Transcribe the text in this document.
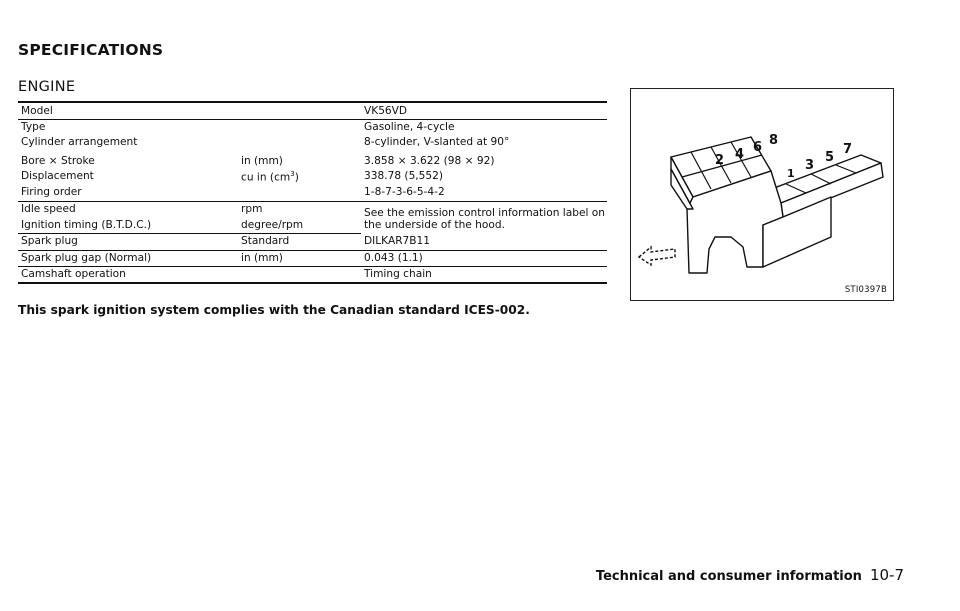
SPECIFICATIONS
ENGINE
Model		VK56VD
Type		Gasoline, 4-cycle
Cylinder arrangement		8-cylinder, V-slanted at 90°
Bore × Stroke	in (mm)	3.858 × 3.622 (98 × 92)
Displacement	cu in $(cm^3)$	338.78 (5,552)
Firing order		1-8-7-3-6-5-4-2
Idle speed	rpm	See the emission control information label on the underside of the hood.
Ignition timing (B.T.D.C.)	degree/rpm	
Spark plug	Standard	DILKAR7B11
Spark plug gap (Normal)	in (mm)	0.043 (1.1)
Camshaft operation		Timing chain
This spark ignition system complies with the Canadian standard ICES-002.
2 4 6 8
1
3
5
7
STI0397B
Technical and consumer information 10-7
